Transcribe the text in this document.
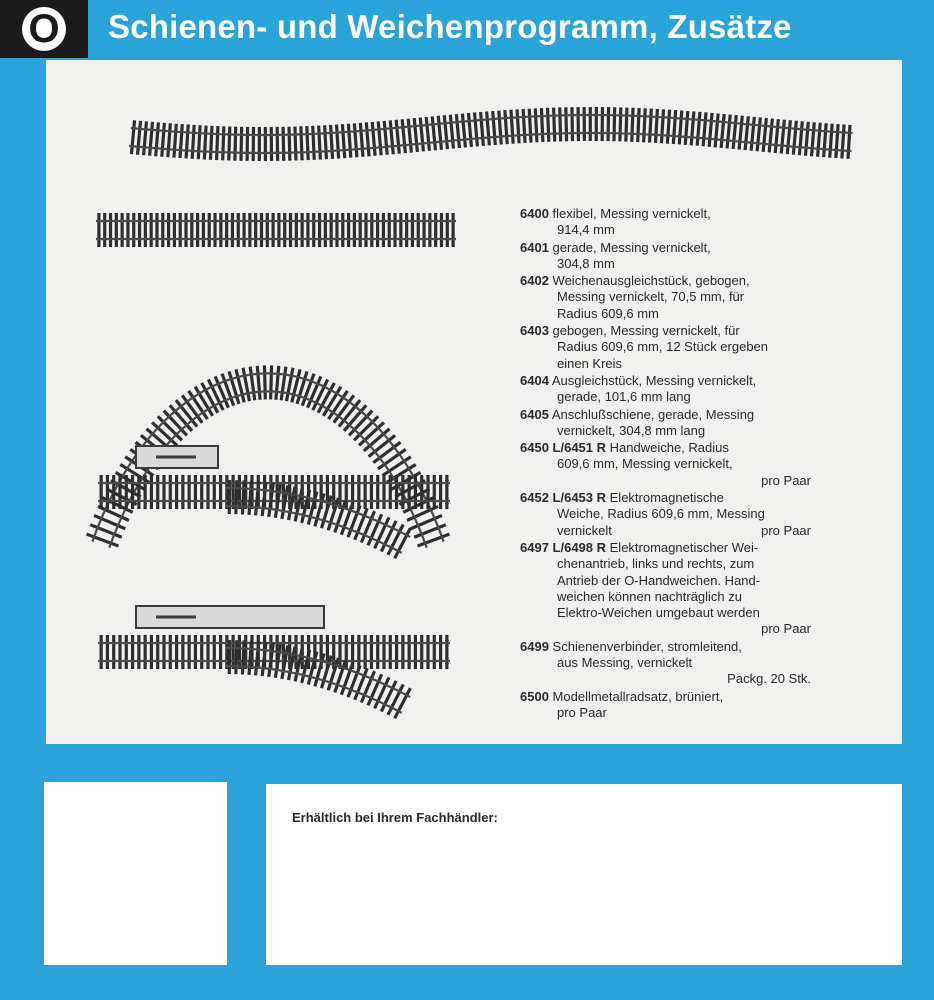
O Schienen- und Weichenprogramm, Zusätze
6400 flexibel, Messing vernickelt,
914,4 mm
6401 gerade, Messing vernickelt,
304,8 mm
6402 Weichenausgleichstück, gebogen,
Messing vernickelt, 70,5 mm, für
Radius 609,6 mm
6403 gebogen, Messing vernickelt, für
Radius 609,6 mm, 12 Stück ergeben
einen Kreis
6404 Ausgleichstück, Messing vernickelt,
gerade, 101,6 mm lang
6405 Anschlußschiene, gerade, Messing
vernickelt, 304,8 mm lang
6450 L/6451 R Handweiche, Radius
609,6 mm, Messing vernickelt,
pro Paar
6452 L/6453 R Elektromagnetische
Weiche, Radius 609,6 mm, Messing
vernickelt	pro Paar
6497 L/6498 R Elektromagnetischer Wei-
chenantrieb, links und rechts, zum
Antrieb der O-Handweichen. Hand-
weichen können nachträglich zu
Elektro-Weichen umgebaut werden
pro Paar
6499 Schienenverbinder, stromleitend,
aus Messing, vernickelt
Packg. 20 Stk.
6500 Modellmetallradsatz, brüniert,
pro Paar
Erhältlich bei Ihrem Fachhändler:
